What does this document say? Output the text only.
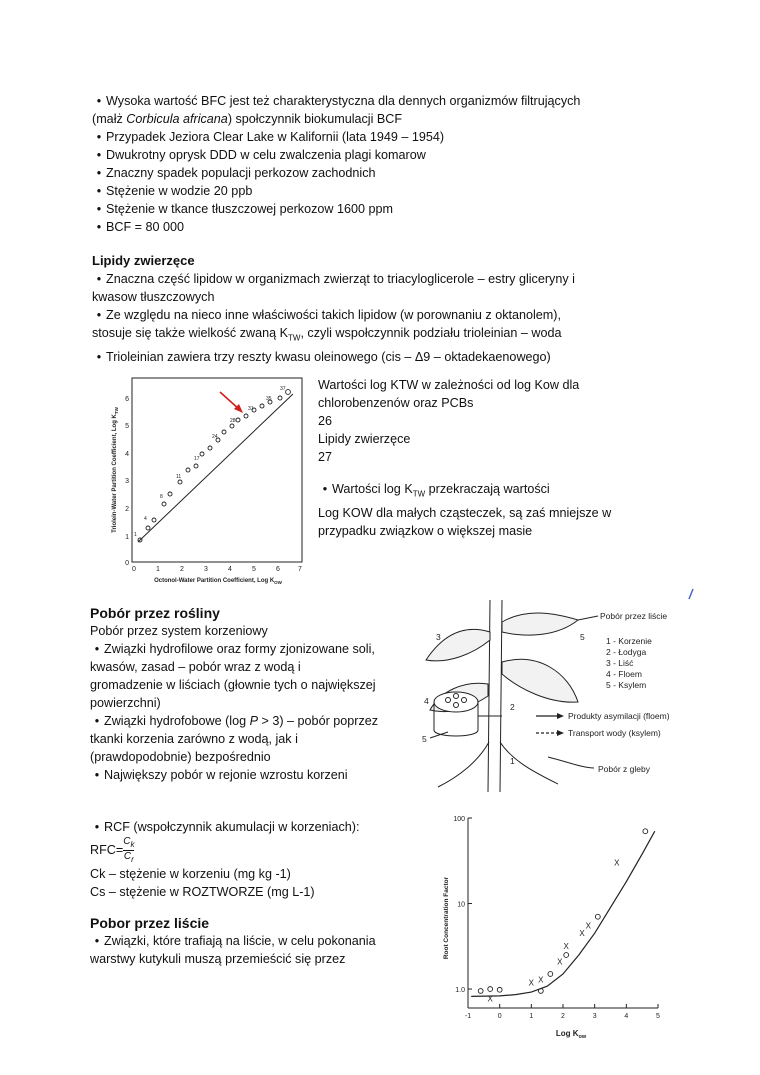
• Wysoka wartość BFC jest też charakterystyczna dla dennych organizmów filtrujących

(małż Corbicula africana) społczynnik biokumulacji BCF

• Przypadek Jeziora Clear Lake w Kalifornii (lata 1949 – 1954)

• Dwukrotny oprysk DDD w celu zwalczenia plagi komarow

• Znaczny spadek populacji perkozow zachodnich

• Stężenie w wodzie 20 ppb

• Stężenie w tkance tłuszczowej perkozow 1600 ppm

• BCF = 80 000

Lipidy zwierzęce

• Znaczna część lipidow w organizmach zwierząt to triacyloglicerole – estry gliceryny i

kwasow tłuszczowych

• Ze względu na nieco inne właściwości takich lipidow (w porownaniu z oktanolem),

stosuje się także wielkość zwaną $K_{TW}$, czyli wspołczynnik podziału trioleinian – woda

• Trioleinian zawiera trzy reszty kwasu oleinowego (cis – Δ9 – oktadekaenowego)

0	1	2	3	4	5	6	7
0
1
2
3
4
5
6
37
35
31
28
24
17
11
8
4
1
Octonol-Water Partition Coefficient, Log $K_{OW}$
Triolein-Water Partition Coefficient, Log $K_{TW}$

Wartości log KTW w zależności od log Kow dla

chlorobenzenów oraz PCBs

26

Lipidy zwierzęce

27

• Wartości $\log K_{TW}$ przekraczają wartości

Log KOW dla małych cząsteczek, są zaś mniejsze w

przypadku związkow o większej masie

Pobór przez rośliny

Pobór przez system korzeniowy

• Związki hydrofilowe oraz formy zjonizowane soli,

kwasów, zasad – pobór wraz z wodą i

gromadzenie w liściach (głownie tych o największej

powierzchni)

• Związki hydrofobowe (log P > 3) – pobór poprzez

tkanki korzenia zarówno z wodą, jak i

(prawdopodobnie) bezpośrednio

• Największy pobór w rejonie wzrostu korzeni

Pobór przez liście
1 - Korzenie
2 - Łodyga
3 - Liść
4 - Floem
5 - Ksylem
Produkty asymilacji (floem)
Transport wody (ksylem)
Pobór z gleby
3
4
5
2
5
1

• RCF (wspołczynnik akumulacji w korzeniach):

$RFC= \frac{C_k}{C_r}$

Ck – stężenie w korzeniu (mg kg -1)

Cs – stężenie w ROZTWORZE (mg L-1)

Pobor przez liście

• Związki, które trafiają na liście, w celu pokonania

warstwy kutykuli muszą przemieścić się przez

-1	0	1	2	3	4	5
1.0
10
100
X
X X
X
X
X
X
X
Log $K_{ow}$
Root Concentration Factor
